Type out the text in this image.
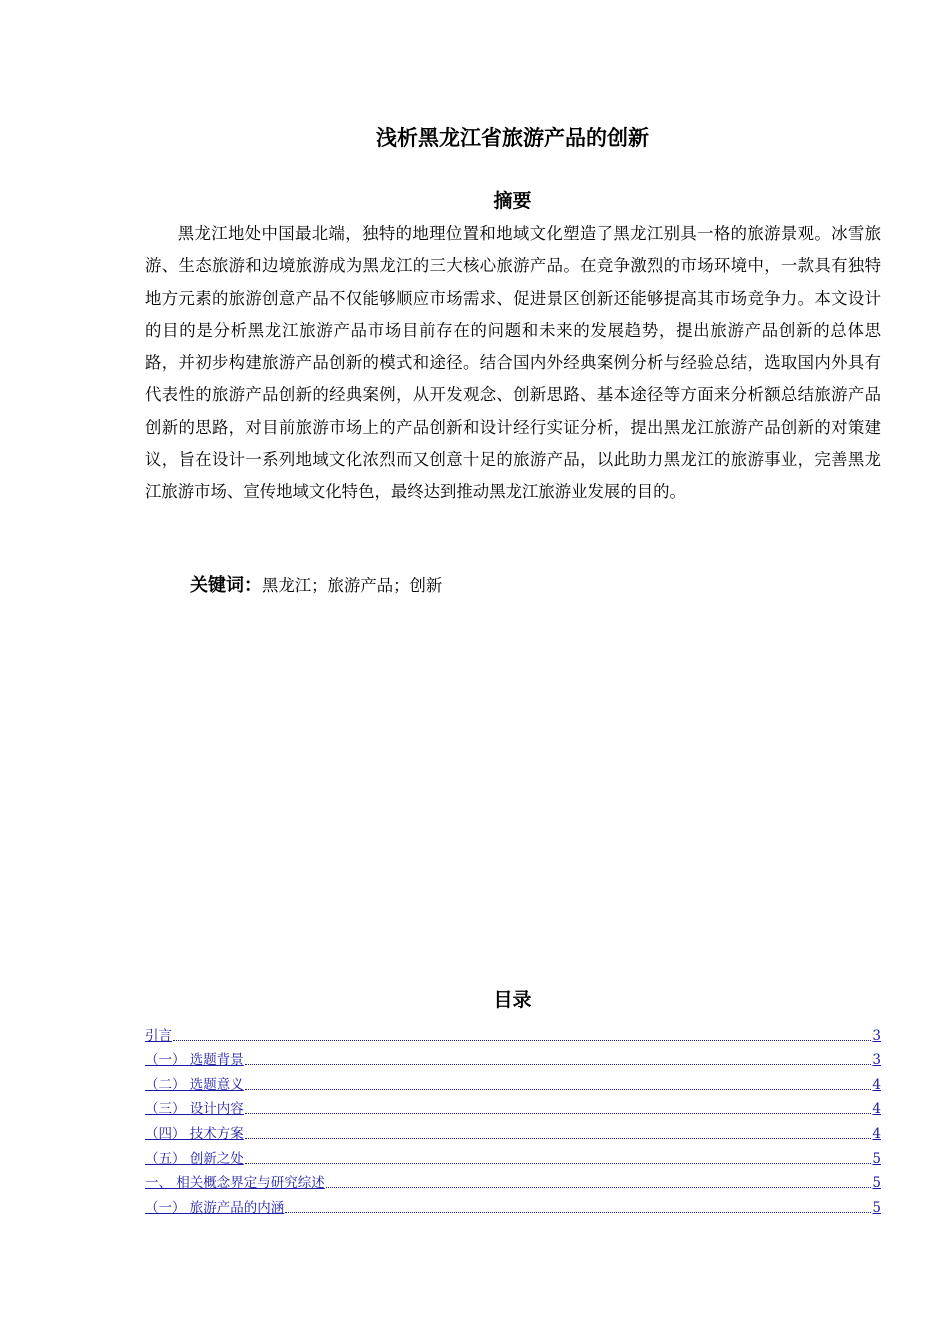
浅析黑龙江省旅游产品的创新
摘要

黑龙江地处中国最北端，独特的地理位置和地域文化塑造了黑龙江别具一格的旅游景观。冰雪旅游、生态旅游和边境旅游成为黑龙江的三大核心旅游产品。在竞争激烈的市场环境中，一款具有独特地方元素的旅游创意产品不仅能够顺应市场需求、促进景区创新还能够提高其市场竞争力。本文设计的目的是分析黑龙江旅游产品市场目前存在的问题和未来的发展趋势，提出旅游产品创新的总体思路，并初步构建旅游产品创新的模式和途径。结合国内外经典案例分析与经验总结，选取国内外具有代表性的旅游产品创新的经典案例，从开发观念、创新思路、基本途径等方面来分析额总结旅游产品创新的思路，对目前旅游市场上的产品创新和设计经行实证分析，提出黑龙江旅游产品创新的对策建议，旨在设计一系列地域文化浓烈而又创意十足的旅游产品，以此助力黑龙江的旅游事业，完善黑龙江旅游市场、宣传地域文化特色，最终达到推动黑龙江旅游业发展的目的。

关键词：黑龙江；旅游产品；创新
目录
引言	3
（一） 选题背景	3
（二） 选题意义	4
（三） 设计内容	4
（四） 技术方案	4
（五） 创新之处	5
一、 相关概念界定与研究综述	5
（一） 旅游产品的内涵	5
